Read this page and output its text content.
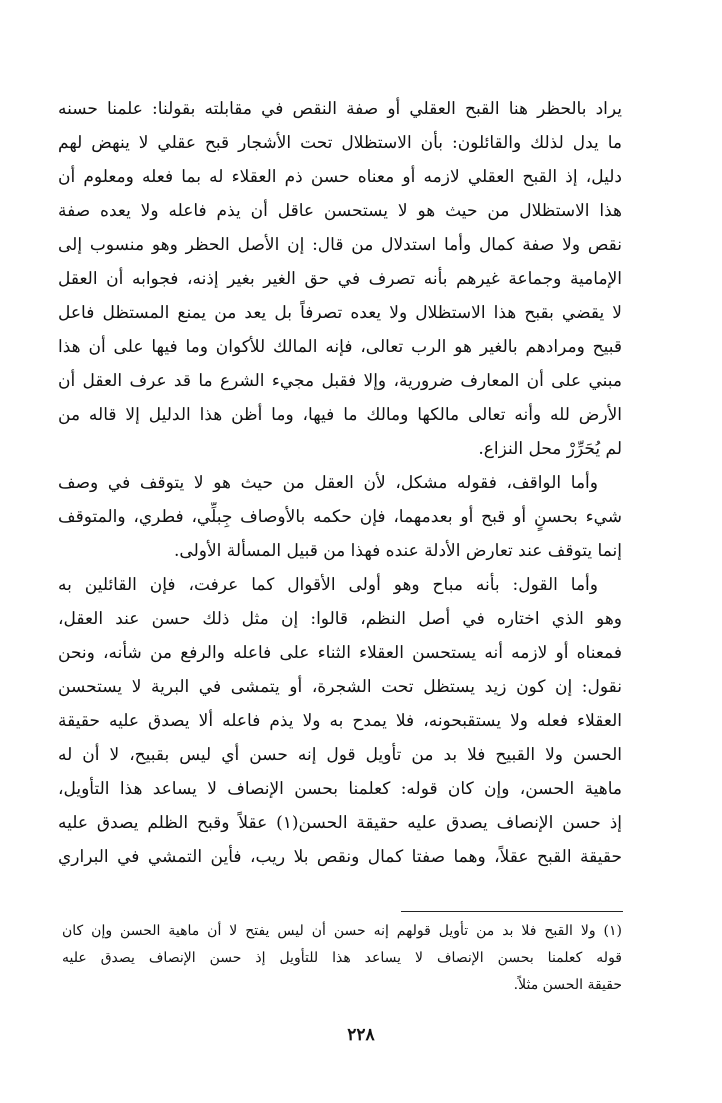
يراد بالحظر هنا القبح العقلي أو صفة النقص في مقابلته بقولنا: علمنا حسنه
ما يدل لذلك والقائلون: بأن الاستظلال تحت الأشجار قبح عقلي لا ينهض لهم
دليل، إذ القبح العقلي لازمه أو معناه حسن ذم العقلاء له بما فعله ومعلوم أن
هذا الاستظلال من حيث هو لا يستحسن عاقل أن يذم فاعله ولا يعده صفة
نقص ولا صفة كمال وأما استدلال من قال: إن الأصل الحظر وهو منسوب إلى
الإمامية وجماعة غيرهم بأنه تصرف في حق الغير بغير إذنه، فجوابه أن العقل
لا يقضي بقبح هذا الاستظلال ولا يعده تصرفاً بل يعد من يمنع المستظل فاعل
قبيح ومرادهم بالغير هو الرب تعالى، فإنه المالك للأكوان وما فيها على أن هذا
مبني على أن المعارف ضرورية، وإلا فقبل مجيء الشرع ما قد عرف العقل أن
الأرض لله وأنه تعالى مالكها ومالك ما فيها، وما أظن هذا الدليل إلا قاله من
لم يُحَرِّرْ محل النزاع.
وأما الواقف، فقوله مشكل، لأن العقل من حيث هو لا يتوقف في وصف
شيء بحسنٍ أو قبح أو بعدمهما، فإن حكمه بالأوصاف جِبلِّي، فطري، والمتوقف
إنما يتوقف عند تعارض الأدلة عنده فهذا من قبيل المسألة الأولى.
وأما القول: بأنه مباح وهو أولى الأقوال كما عرفت، فإن القائلين به
وهو الذي اختاره في أصل النظم، قالوا: إن مثل ذلك حسن عند العقل،
فمعناه أو لازمه أنه يستحسن العقلاء الثناء على فاعله والرفع من شأنه، ونحن
نقول: إن كون زيد يستظل تحت الشجرة، أو يتمشى في البرية لا يستحسن
العقلاء فعله ولا يستقبحونه، فلا يمدح به ولا يذم فاعله ألا يصدق عليه حقيقة
الحسن ولا القبيح فلا بد من تأويل قول إنه حسن أي ليس بقبيح، لا أن له
ماهية الحسن، وإن كان قوله: كعلمنا بحسن الإنصاف لا يساعد هذا التأويل،
إذ حسن الإنصاف يصدق عليه حقيقة الحسن(١) عقلاً وقبح الظلم يصدق عليه
حقيقة القبح عقلاً، وهما صفتا كمال ونقص بلا ريب، فأين التمشي في البراري
(١) ولا القبح فلا بد من تأويل قولهم إنه حسن أن ليس يفتح لا أن ماهية الحسن وإن كان
قوله كعلمنا بحسن الإنصاف لا يساعد هذا للتأويل إذ حسن الإنصاف يصدق عليه
حقيقة الحسن مثلاً.
٢٢٨
